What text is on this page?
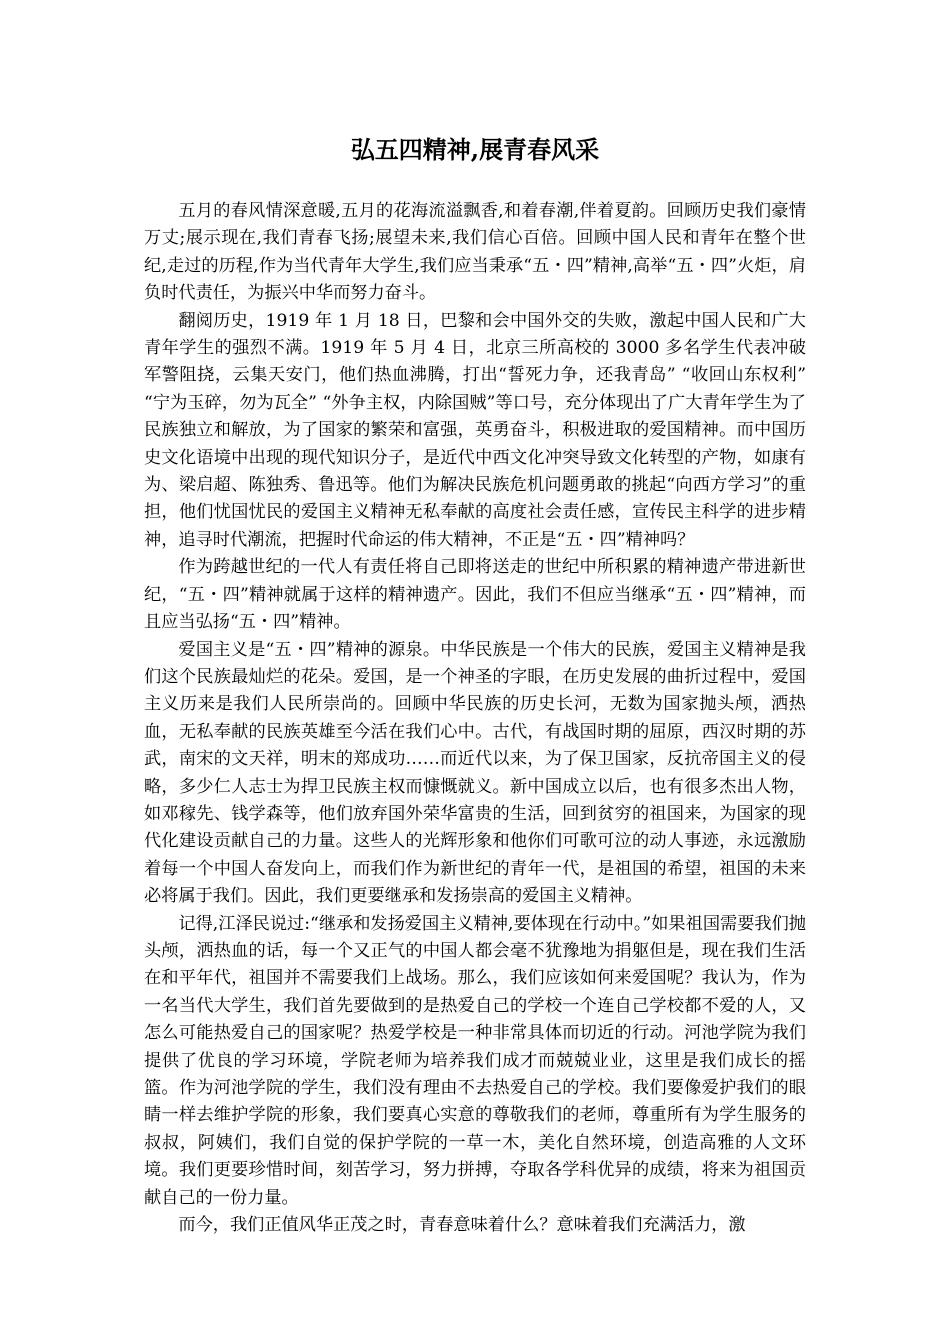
弘五四精神,展青春风采

五月的春风情深意暖,五月的花海流溢飘香,和着春潮,伴着夏韵。回顾历史我们豪情万丈;展示现在,我们青春飞扬;展望未来,我们信心百倍。回顾中国人民和青年在整个世纪,走过的历程,作为当代青年大学生,我们应当秉承“五・四”精神,高举“五・四”火炬，肩负时代责任，为振兴中华而努力奋斗。

翻阅历史，1919 年 1 月 18 日，巴黎和会中国外交的失败，激起中国人民和广大青年学生的强烈不满。1919 年 5 月 4 日，北京三所高校的 3000 多名学生代表冲破军警阻挠，云集天安门，他们热血沸腾，打出“誓死力争，还我青岛” “收回山东权利” “宁为玉碎，勿为瓦全” “外争主权，内除国贼”等口号，充分体现出了广大青年学生为了民族独立和解放，为了国家的繁荣和富强，英勇奋斗，积极进取的爱国精神。而中国历史文化语境中出现的现代知识分子，是近代中西文化冲突导致文化转型的产物，如康有为、梁启超、陈独秀、鲁迅等。他们为解决民族危机问题勇敢的挑起“向西方学习”的重担，他们忧国忧民的爱国主义精神无私奉献的高度社会责任感，宣传民主科学的进步精神，追寻时代潮流，把握时代命运的伟大精神，不正是“五・四”精神吗？

作为跨越世纪的一代人有责任将自己即将送走的世纪中所积累的精神遗产带进新世纪，“五・四”精神就属于这样的精神遗产。因此，我们不但应当继承“五・四”精神，而且应当弘扬“五・四”精神。

爱国主义是“五・四”精神的源泉。中华民族是一个伟大的民族，爱国主义精神是我们这个民族最灿烂的花朵。爱国，是一个神圣的字眼，在历史发展的曲折过程中，爱国主义历来是我们人民所崇尚的。回顾中华民族的历史长河，无数为国家抛头颅，洒热血，无私奉献的民族英雄至今活在我们心中。古代，有战国时期的屈原，西汉时期的苏武，南宋的文天祥，明末的郑成功……而近代以来，为了保卫国家，反抗帝国主义的侵略，多少仁人志士为捍卫民族主权而慷慨就义。新中国成立以后，也有很多杰出人物，如邓稼先、钱学森等，他们放弃国外荣华富贵的生活，回到贫穷的祖国来，为国家的现代化建设贡献自己的力量。这些人的光辉形象和他你们可歌可泣的动人事迹，永远激励着每一个中国人奋发向上，而我们作为新世纪的青年一代，是祖国的希望，祖国的未来必将属于我们。因此，我们更要继承和发扬崇高的爱国主义精神。

记得,江泽民说过:“继承和发扬爱国主义精神,要体现在行动中。”如果祖国需要我们抛头颅，洒热血的话，每一个又正气的中国人都会毫不犹豫地为捐躯但是，现在我们生活在和平年代，祖国并不需要我们上战场。那么，我们应该如何来爱国呢？我认为，作为一名当代大学生，我们首先要做到的是热爱自己的学校一个连自己学校都不爱的人，又怎么可能热爱自己的国家呢？热爱学校是一种非常具体而切近的行动。河池学院为我们提供了优良的学习环境，学院老师为培养我们成才而兢兢业业，这里是我们成长的摇篮。作为河池学院的学生，我们没有理由不去热爱自己的学校。我们要像爱护我们的眼睛一样去维护学院的形象，我们要真心实意的尊敬我们的老师，尊重所有为学生服务的叔叔，阿姨们，我们自觉的保护学院的一草一木，美化自然环境，创造高雅的人文环境。我们更要珍惜时间，刻苦学习，努力拼搏，夺取各学科优异的成绩，将来为祖国贡献自己的一份力量。

而今，我们正值风华正茂之时，青春意味着什么？意味着我们充满活力，激
